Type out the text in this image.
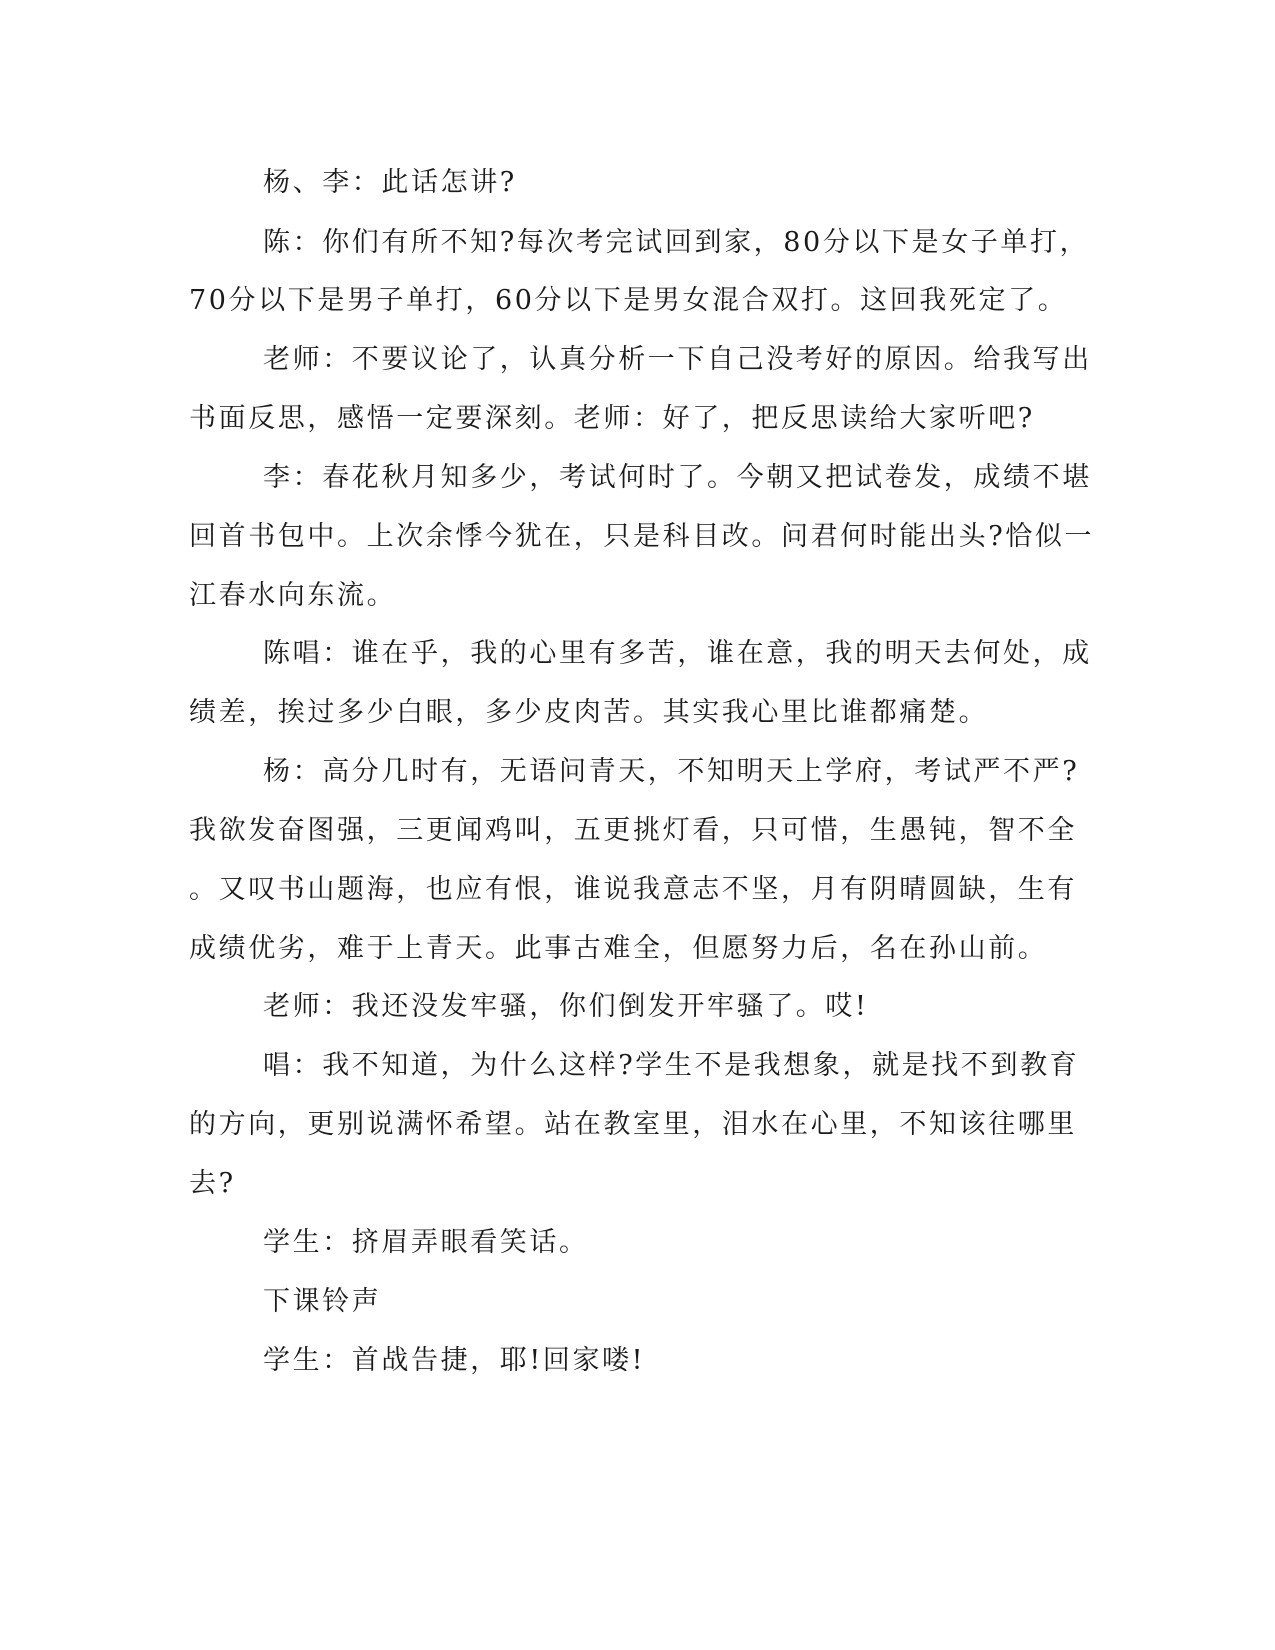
杨、李：此话怎讲?
陈：你们有所不知?每次考完试回到家，80分以下是女子单打，
70分以下是男子单打，60分以下是男女混合双打。这回我死定了。
老师：不要议论了，认真分析一下自己没考好的原因。给我写出
书面反思，感悟一定要深刻。老师：好了，把反思读给大家听吧?
李：春花秋月知多少，考试何时了。今朝又把试卷发，成绩不堪
回首书包中。上次余悸今犹在，只是科目改。问君何时能出头?恰似一
江春水向东流。
陈唱：谁在乎，我的心里有多苦，谁在意，我的明天去何处，成
绩差，挨过多少白眼，多少皮肉苦。其实我心里比谁都痛楚。
杨：高分几时有，无语问青天，不知明天上学府，考试严不严?
我欲发奋图强，三更闻鸡叫，五更挑灯看，只可惜，生愚钝，智不全
。又叹书山题海，也应有恨，谁说我意志不坚，月有阴晴圆缺，生有
成绩优劣，难于上青天。此事古难全，但愿努力后，名在孙山前。
老师：我还没发牢骚，你们倒发开牢骚了。哎!
唱：我不知道，为什么这样?学生不是我想象，就是找不到教育
的方向，更别说满怀希望。站在教室里，泪水在心里，不知该往哪里
去?
学生：挤眉弄眼看笑话。
下课铃声
学生：首战告捷，耶!回家喽!
